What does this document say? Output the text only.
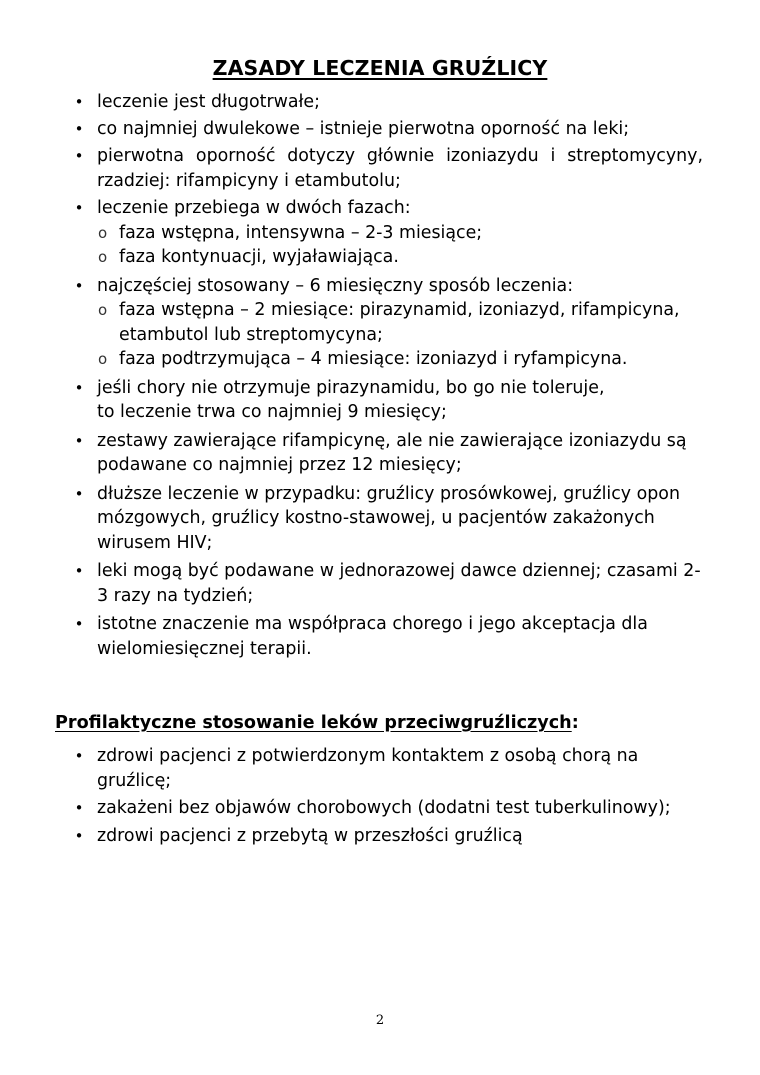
ZASADY LECZENIA GRUŹLICY
• leczenie jest długotrwałe;
• co najmniej dwulekowe – istnieje pierwotna oporność na leki;
• pierwotna oporność dotyczy głównie izoniazydu i streptomycyny, rzadziej: rifampicyny i etambutolu;
• leczenie przebiega w dwóch fazach:
o faza wstępna, intensywna – 2-3 miesiące;
o faza kontynuacji, wyjaławiająca.
• najczęściej stosowany – 6 miesięczny sposób leczenia:
o faza wstępna – 2 miesiące: pirazynamid, izoniazyd, rifampicyna, etambutol lub streptomycyna;
o faza podtrzymująca – 4 miesiące: izoniazyd i ryfampicyna.
• jeśli chory nie otrzymuje pirazynamidu, bo go nie toleruje,
to leczenie trwa co najmniej 9 miesięcy;
• zestawy zawierające rifampicynę, ale nie zawierające izoniazydu są podawane co najmniej przez 12 miesięcy;
• dłuższe leczenie w przypadku: gruźlicy prosówkowej, gruźlicy opon mózgowych, gruźlicy kostno-stawowej, u pacjentów zakażonych wirusem HIV;
• leki mogą być podawane w jednorazowej dawce dziennej; czasami 2-3 razy na tydzień;
• istotne znaczenie ma współpraca chorego i jego akceptacja dla wielomiesięcznej terapii.
Profilaktyczne stosowanie leków przeciwgruźliczych:
• zdrowi pacjenci z potwierdzonym kontaktem z osobą chorą na gruźlicę;
• zakażeni bez objawów chorobowych (dodatni test tuberkulinowy);
• zdrowi pacjenci z przebytą w przeszłości gruźlicą
2
